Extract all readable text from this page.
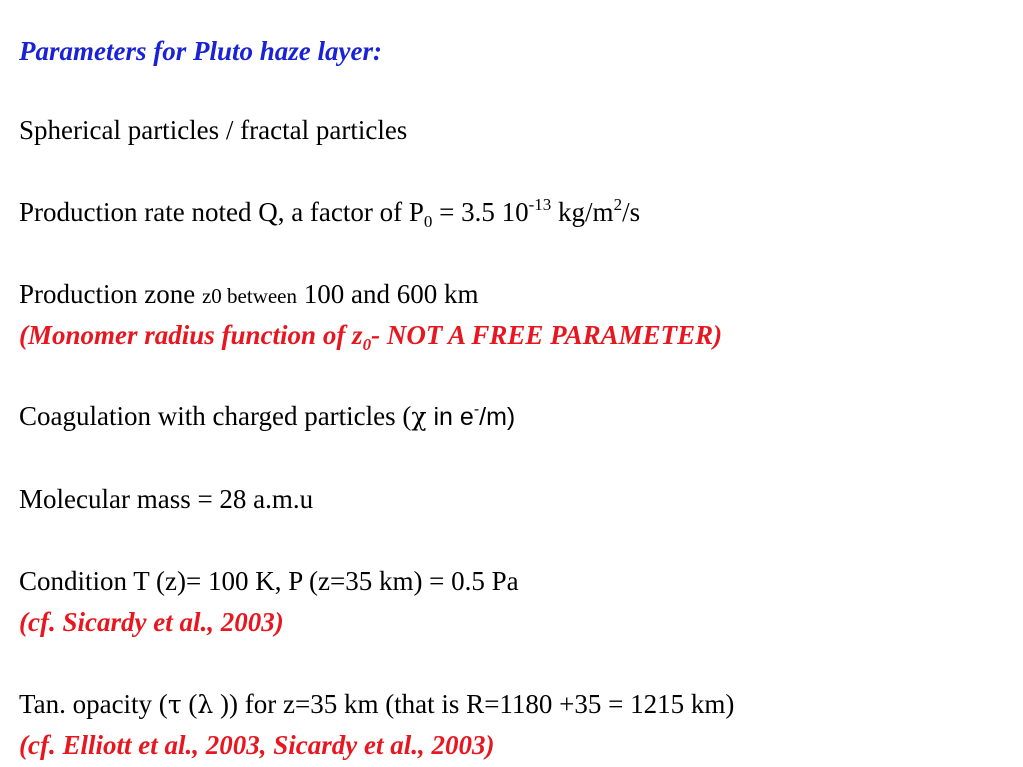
Parameters for Pluto haze layer:
Spherical particles / fractal particles
Production rate noted Q, a factor of $P_0 = 3.5$ $10^{-13}$ $kg/m^2/s$
Production zone z0 between 100 and 600 km
(Monomer radius function of $z_0-$ NOT A FREE PARAMETER)
Coagulation with charged particles (χ in e-/m)
Molecular mass = 28 a.m.u
Condition T (z)= 100 K, P (z=35 km) = 0.5 Pa
(cf. Sicardy et al., 2003)
Tan. opacity (τ (λ )) for z=35 km (that is R=1180 +35 = 1215 km)
(cf. Elliott et al., 2003, Sicardy et al., 2003)
